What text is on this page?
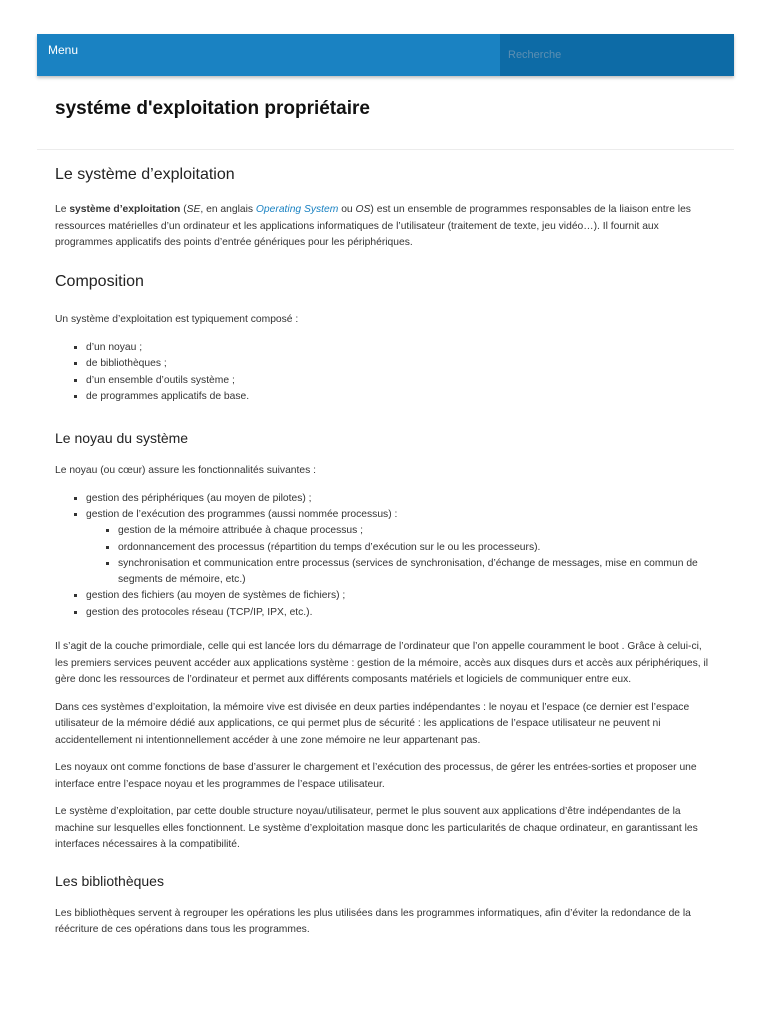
Menu
Recherche
systéme d'exploitation propriétaire
Le système d’exploitation

Le système d’exploitation (SE, en anglais Operating System ou OS) est un ensemble de programmes responsables de la liaison entre les ressources matérielles d’un ordinateur et les applications informatiques de l’utilisateur (traitement de texte, jeu vidéo…). Il fournit aux programmes applicatifs des points d’entrée génériques pour les périphériques.

Composition

Un système d’exploitation est typiquement composé :

▪ d’un noyau ;
▪ de bibliothèques ;
▪ d’un ensemble d’outils système ;
▪ de programmes applicatifs de base.
Le noyau du système

Le noyau (ou cœur) assure les fonctionnalités suivantes :

▪ gestion des périphériques (au moyen de pilotes) ;
▪ gestion de l’exécution des programmes (aussi nommée processus) :
▪ gestion de la mémoire attribuée à chaque processus ;
▪ ordonnancement des processus (répartition du temps d’exécution sur le ou les processeurs).
▪ synchronisation et communication entre processus (services de synchronisation, d’échange de messages, mise en commun de segments de mémoire, etc.)
▪ gestion des fichiers (au moyen de systèmes de fichiers) ;
▪ gestion des protocoles réseau (TCP/IP, IPX, etc.).

Il s’agit de la couche primordiale, celle qui est lancée lors du démarrage de l’ordinateur que l’on appelle couramment le boot . Grâce à celui-ci, les premiers services peuvent accéder aux applications système : gestion de la mémoire, accès aux disques durs et accès aux périphériques, il gère donc les ressources de l’ordinateur et permet aux différents composants matériels et logiciels de communiquer entre eux.

Dans ces systèmes d’exploitation, la mémoire vive est divisée en deux parties indépendantes : le noyau et l’espace (ce dernier est l’espace utilisateur de la mémoire dédié aux applications, ce qui permet plus de sécurité : les applications de l’espace utilisateur ne peuvent ni accidentellement ni intentionnellement accéder à une zone mémoire ne leur appartenant pas.

Les noyaux ont comme fonctions de base d’assurer le chargement et l’exécution des processus, de gérer les entrées-sorties et proposer une interface entre l’espace noyau et les programmes de l’espace utilisateur.

Le système d’exploitation, par cette double structure noyau/utilisateur, permet le plus souvent aux applications d’être indépendantes de la machine sur lesquelles elles fonctionnent. Le système d’exploitation masque donc les particularités de chaque ordinateur, en garantissant les interfaces nécessaires à la compatibilité.

Les bibliothèques

Les bibliothèques servent à regrouper les opérations les plus utilisées dans les programmes informatiques, afin d’éviter la redondance de la réécriture de ces opérations dans tous les programmes.
